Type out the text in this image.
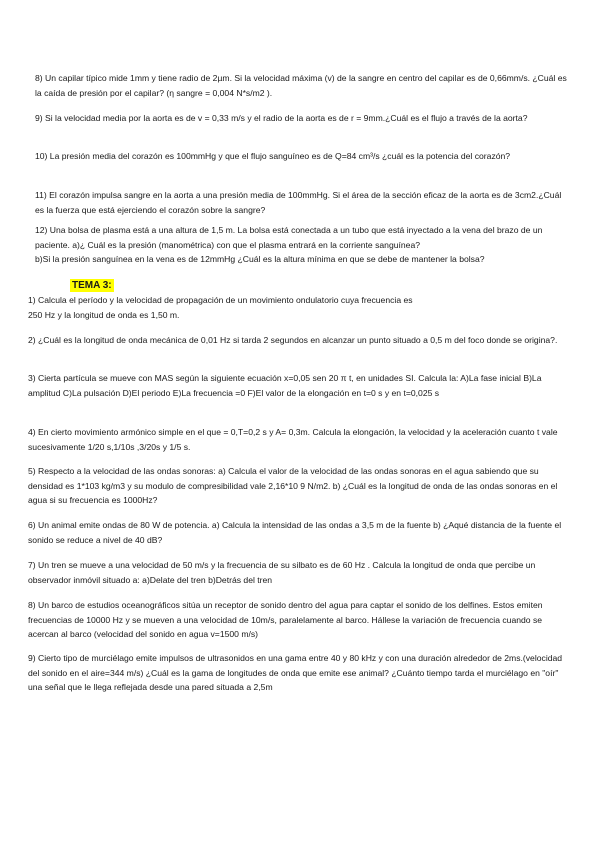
8) Un capilar típico mide 1mm y tiene radio de 2µm. Si la velocidad máxima (v) de la sangre en centro del capilar es de 0,66mm/s. ¿Cuál es la caída de presión por el capilar? (η sangre = 0,004 N*s/m2 ).

9) Si la velocidad media por la aorta es de v = 0,33 m/s y el radio de la aorta es de r = 9mm.¿Cuál es el flujo a través de la aorta?

10) La presión media del corazón es 100mmHg y que el flujo sanguíneo es de Q=84 cm³/s ¿cuál es la potencia del corazón?

11) El corazón impulsa sangre en la aorta a una presión media de 100mmHg. Si el área de la sección eficaz de la aorta es de 3cm2.¿Cuál es la fuerza que está ejerciendo el corazón sobre la sangre?

12) Una bolsa de plasma está a una altura de 1,5 m. La bolsa está conectada a un tubo que está inyectado a la vena del brazo de un paciente. a)¿ Cuál es la presión (manométrica) con que el plasma entrará en la corriente sanguínea?
b)Si la presión sanguínea en la vena es de 12mmHg ¿Cuál es la altura mínima en que se debe de mantener la bolsa?

TEMA 3:

1) Calcula el período y la velocidad de propagación de un movimiento ondulatorio cuya frecuencia es
250 Hz y la longitud de onda es 1,50 m.

2) ¿Cuál es la longitud de onda mecánica de 0,01 Hz si tarda 2 segundos en alcanzar un punto situado a 0,5 m del foco donde se origina?.

3) Cierta partícula se mueve con MAS según la siguiente ecuación x=0,05 sen 20 π t, en unidades SI. Calcula la: A)La fase inicial B)La amplitud C)La pulsación D)El periodo E)La frecuencia =0 F)El valor de la elongación en t=0 s y en t=0,025 s

4) En cierto movimiento armónico simple en el que = 0,T=0,2 s y A= 0,3m. Calcula la elongación, la velocidad y la aceleración cuanto t vale sucesivamente 1/20 s,1/10s ,3/20s y 1/5 s.

5) Respecto a la velocidad de las ondas sonoras: a) Calcula el valor de la velocidad de las ondas sonoras en el agua sabiendo que su densidad es 1*103 kg/m3 y su modulo de compresibilidad vale 2,16*10 9 N/m2. b) ¿Cuál es la longitud de onda de las ondas sonoras en el agua si su frecuencia es 1000Hz?

6) Un animal emite ondas de 80 W de potencia. a) Calcula la intensidad de las ondas a 3,5 m de la fuente b) ¿Aqué distancia de la fuente el sonido se reduce a nivel de 40 dB?

7) Un tren se mueve a una velocidad de 50 m/s y la frecuencia de su silbato es de 60 Hz . Calcula la longitud de onda que percibe un observador inmóvil situado a: a)Delate del tren b)Detrás del tren

8) Un barco de estudios oceanográficos sitúa un receptor de sonido dentro del agua para captar el sonido de los delfines. Estos emiten frecuencias de 10000 Hz y se mueven a una velocidad de 10m/s, paralelamente al barco. Hállese la variación de frecuencia cuando se acercan al barco (velocidad del sonido en agua v=1500 m/s)

9) Cierto tipo de murciélago emite impulsos de ultrasonidos en una gama entre 40 y 80 kHz y con una duración alrededor de 2ms.(velocidad del sonido en el aire=344 m/s) ¿Cuál es la gama de longitudes de onda que emite ese animal? ¿Cuánto tiempo tarda el murciélago en "oír" una señal que le llega reflejada desde una pared situada a 2,5m
